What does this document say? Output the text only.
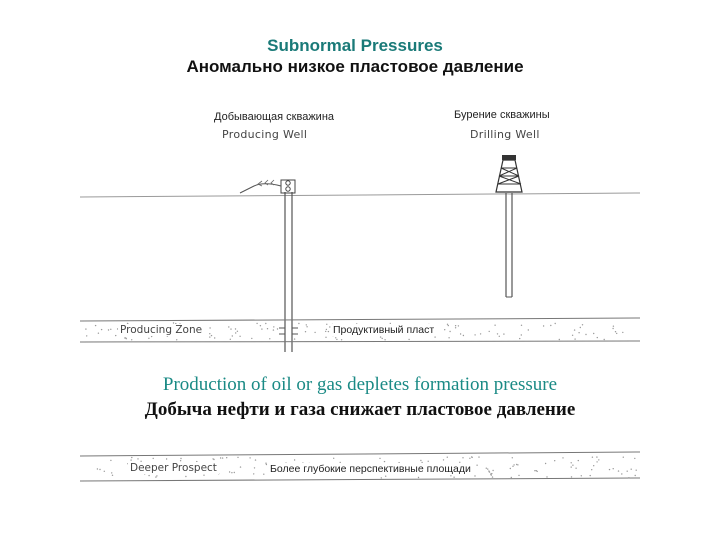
Subnormal Pressures
Аномально низкое пластовое давление
Добывающая скважина
Producing Well
Бурение скважины
Drilling Well
Producing Zone	Продуктивный пласт
Deeper Prospect	Более глубокие перспективные площади
Production of oil or gas depletes formation pressure
Добыча нефти и газа снижает пластовое давление
